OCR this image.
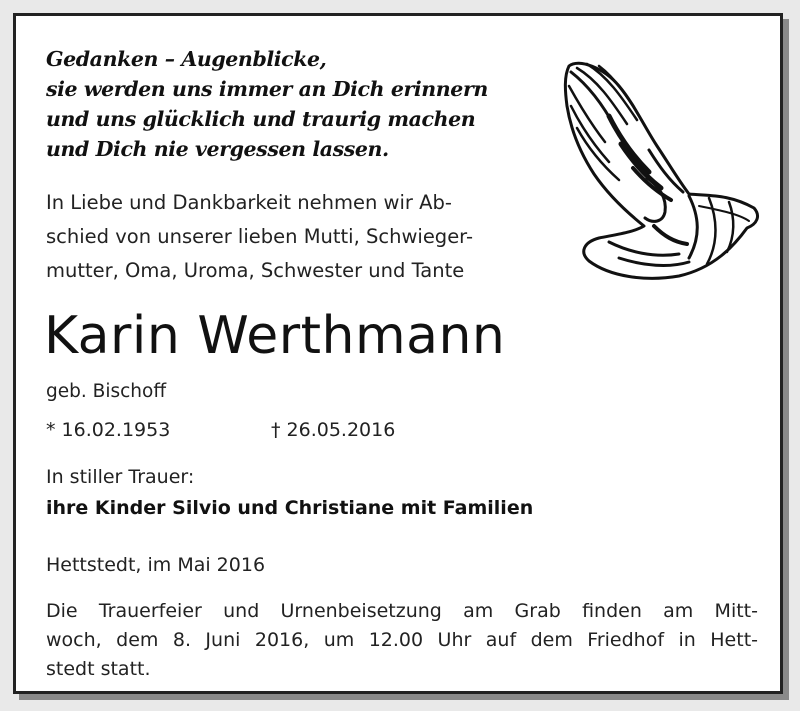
Gedanken – Augenblicke,
sie werden uns immer an Dich erinnern
und uns glücklich und traurig machen
und Dich nie vergessen lassen.
In Liebe und Dankbarkeit nehmen wir Ab-
schied von unserer lieben Mutti, Schwieger-
mutter, Oma, Uroma, Schwester und Tante
Karin Werthmann
geb. Bischoff
* 16.02.1953	† 26.05.2016
In stiller Trauer:
ihre Kinder Silvio und Christiane mit Familien
Hettstedt, im Mai 2016
Die Trauerfeier und Urnenbeisetzung am Grab finden am Mitt-
woch, dem 8. Juni 2016, um 12.00 Uhr auf dem Friedhof in Hett-
stedt statt.
